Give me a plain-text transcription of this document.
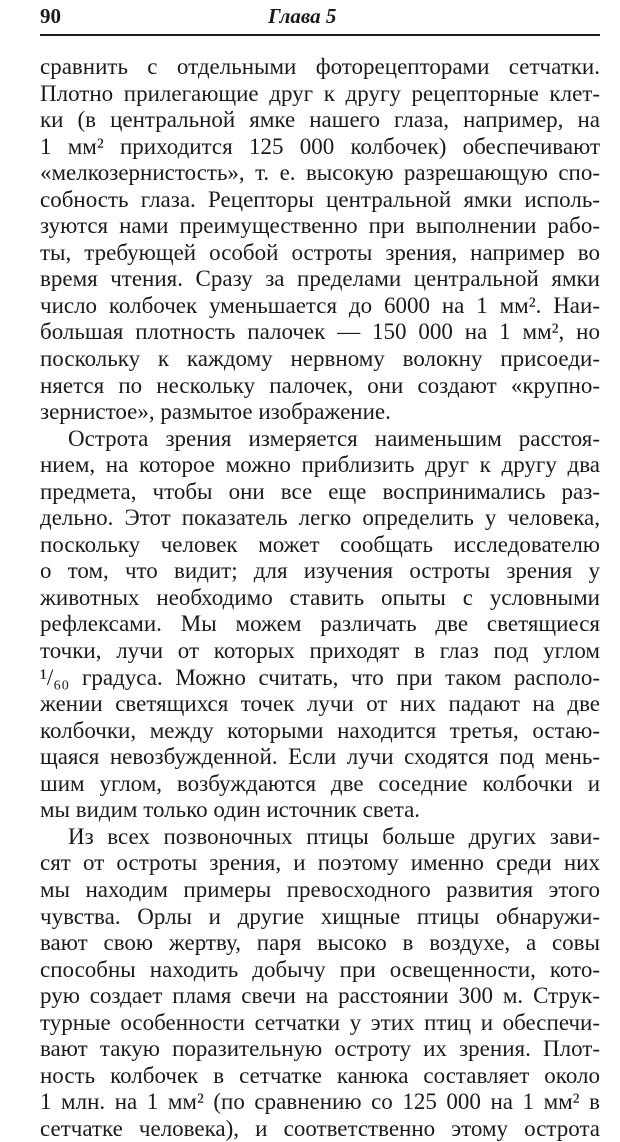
90	Глава 5
сравнить с отдельными фоторецепторами сетчатки.
Плотно прилегающие друг к другу рецепторные клет-
ки (в центральной ямке нашего глаза, например, на
1 мм² приходится 125 000 колбочек) обеспечивают
«мелкозернистость», т. е. высокую разрешающую спо-
собность глаза. Рецепторы центральной ямки исполь-
зуются нами преимущественно при выполнении рабо-
ты, требующей особой остроты зрения, например во
время чтения. Сразу за пределами центральной ямки
число колбочек уменьшается до 6000 на 1 мм². Наи-
большая плотность палочек — 150 000 на 1 мм², но
поскольку к каждому нервному волокну присоеди-
няется по нескольку палочек, они создают «крупно-
зернистое», размытое изображение.
Острота зрения измеряется наименьшим расстоя-
нием, на которое можно приблизить друг к другу два
предмета, чтобы они все еще воспринимались раз-
дельно. Этот показатель легко определить у человека,
поскольку человек может сообщать исследователю
о том, что видит; для изучения остроты зрения у
животных необходимо ставить опыты с условными
рефлексами. Мы можем различать две светящиеся
точки, лучи от которых приходят в глаз под углом
¹/₆₀ градуса. Можно считать, что при таком располо-
жении светящихся точек лучи от них падают на две
колбочки, между которыми находится третья, остаю-
щаяся невозбужденной. Если лучи сходятся под мень-
шим углом, возбуждаются две соседние колбочки и
мы видим только один источник света.
Из всех позвоночных птицы больше других зави-
сят от остроты зрения, и поэтому именно среди них
мы находим примеры превосходного развития этого
чувства. Орлы и другие хищные птицы обнаружи-
вают свою жертву, паря высоко в воздухе, а совы
способны находить добычу при освещенности, кото-
рую создает пламя свечи на расстоянии 300 м. Струк-
турные особенности сетчатки у этих птиц и обеспечи-
вают такую поразительную остроту их зрения. Плот-
ность колбочек в сетчатке канюка составляет около
1 млн. на 1 мм² (по сравнению со 125 000 на 1 мм² в
сетчатке человека), и соответственно этому острота
